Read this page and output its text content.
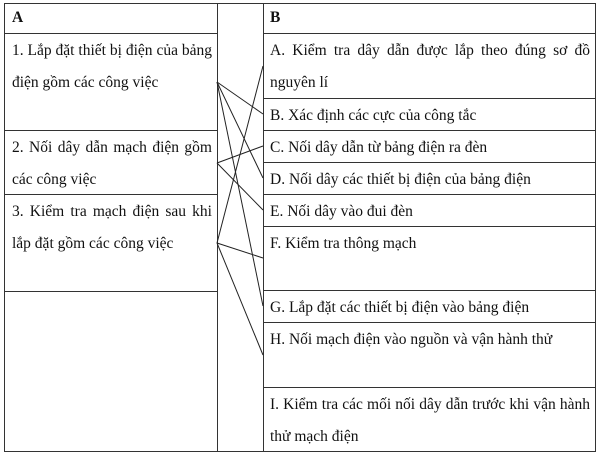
A	B
1. Lắp đặt thiết bị điện của bảng điện gồm các công việc
2. Nối dây dẫn mạch điện gồm các công việc
3. Kiểm tra mạch điện sau khi lắp đặt gồm các công việc
A. Kiểm tra dây dẫn được lắp theo đúng sơ đồ nguyên lí
B. Xác định các cực của công tắc
C. Nối dây dẫn từ bảng điện ra đèn
D. Nối dây các thiết bị điện của bảng điện
E. Nối dây vào đui đèn
F. Kiểm tra thông mạch
G. Lắp đặt các thiết bị điện vào bảng điện
H. Nối mạch điện vào nguồn và vận hành thử
I. Kiểm tra các mối nối dây dẫn trước khi vận hành thử mạch điện
